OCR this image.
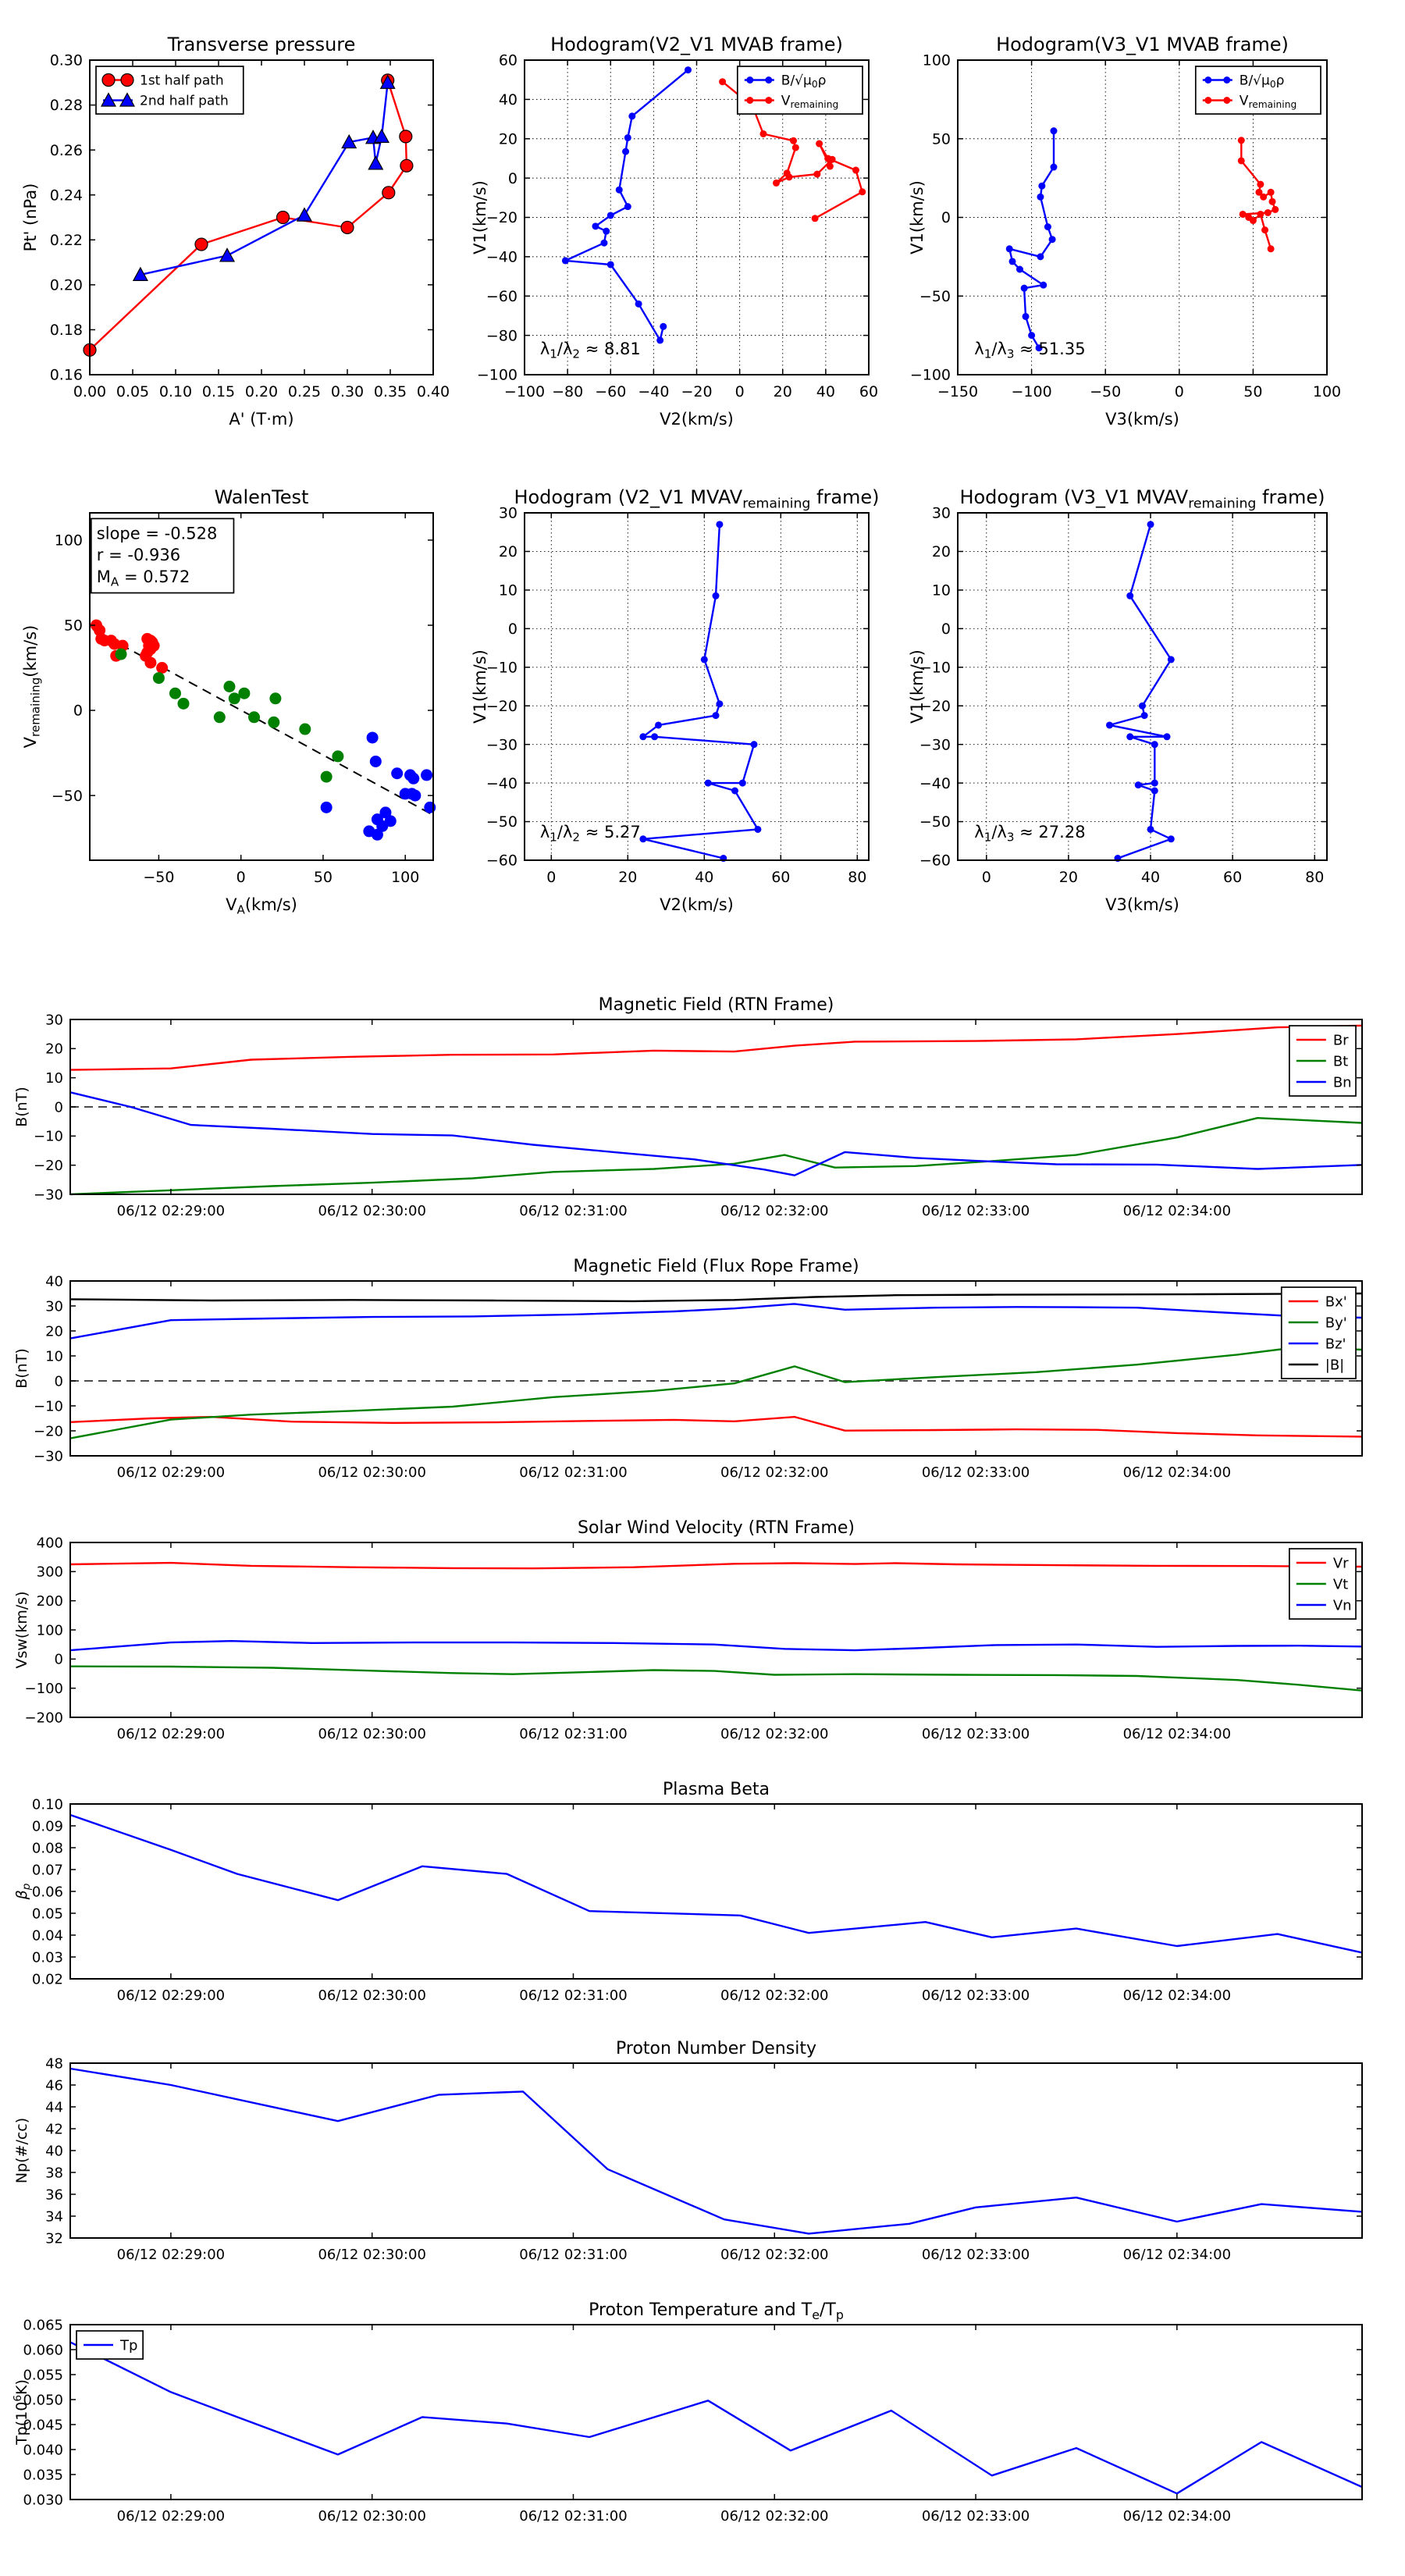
0.00 0.05 0.10 0.15 0.20 0.25 0.30 0.35 0.40
0.16
0.18
0.20
0.22
0.24
0.26
0.28
0.30
Transverse pressure
A' (T·m)
Pt' (nPa)
1st half path
2nd half path
−100 −80 −60 −40 −20 0 20 40 60
−100
−80
−60
−40
−20
0
20
40
60
Hodogram(V2_V1 MVAB frame)
V2(km/s)
V1(km/s)
$\lambda_1/\lambda_2 \approx 8.81$
$B/√\mu_0\rho$
$V_{remaining}$
−150 −100	−50	0	50	100
−100
−50
0
50
100
Hodogram(V3_V1 MVAB frame)
V3(km/s)
V1(km/s)
$\lambda_1/\lambda_3 \approx 51.35$
$B/√\mu_0\rho$
$V_{remaining}$
−50	0	50	100
−50
0
50
100
WalenTest
$V_A(km/s)$
$V_{remaining}(km/s)$
slope = -0.528
r = -0.936
$M_A = 0.572$
0	20	40	60	80
−60
−50
−40
−30
−20
−10
0
10
20
30
Hodogram (V2_V1 $MVAV_{remaining}$ frame)
V2(km/s)
V1(km/s)
$\lambda_1/\lambda_2 \approx 5.27$
0	20	40	60	80
−60
−50
−40
−30
−20
−10
0
10
20
30
Hodogram (V3_V1 $MVAV_{remaining}$ frame)
V3(km/s)
V1(km/s)
$\lambda_1/\lambda_3 \approx 27.28$
06/12 02:29:00	06/12 02:30:00	06/12 02:31:00	06/12 02:32:00	06/12 02:33:00	06/12 02:34:00
−30
−20
−10
0
10
20
30
Magnetic Field (RTN Frame)
B(nT)
Br
Bt
Bn
06/12 02:29:00	06/12 02:30:00	06/12 02:31:00	06/12 02:32:00	06/12 02:33:00	06/12 02:34:00
−30
−20
−10
0
10
20
30
40
Magnetic Field (Flux Rope Frame)
B(nT)
Bx'
By'
Bz'
|B|
06/12 02:29:00	06/12 02:30:00	06/12 02:31:00	06/12 02:32:00	06/12 02:33:00	06/12 02:34:00
−200
−100
0
100
200
300
400
Solar Wind Velocity (RTN Frame)
Vsw(km/s)
Vr
Vt
Vn
06/12 02:29:00	06/12 02:30:00	06/12 02:31:00	06/12 02:32:00	06/12 02:33:00	06/12 02:34:00
0.02
0.03
0.04
0.05
0.06
0.07
0.08
0.09
0.10
Plasma Beta
$\beta_p$
06/12 02:29:00	06/12 02:30:00	06/12 02:31:00	06/12 02:32:00	06/12 02:33:00	06/12 02:34:00
32
34
36
38
40
42
44
46
48
Proton Number Density
Np(#/cc)
06/12 02:29:00	06/12 02:30:00	06/12 02:31:00	06/12 02:32:00	06/12 02:33:00	06/12 02:34:00
0.030
0.035
0.040
0.045
0.050
0.055
0.060
0.065
Proton Temperature and $T_e/T_p$
$Tp(10^6K)$
Tp
